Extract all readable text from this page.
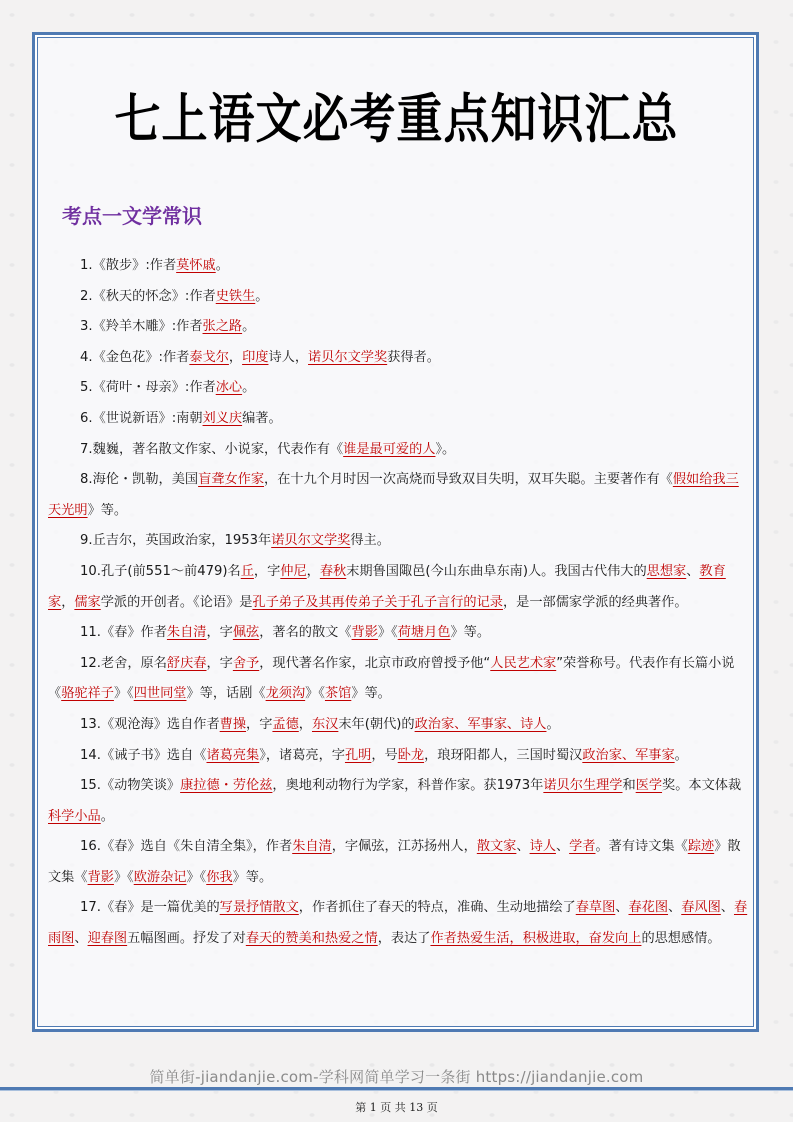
七上语文必考重点知识汇总
考点一文学常识

1.《散步》:作者莫怀戚。

2.《秋天的怀念》:作者史铁生。

3.《羚羊木雕》:作者张之路。

4.《金色花》:作者泰戈尔，印度诗人，诺贝尔文学奖获得者。

5.《荷叶・母亲》:作者冰心。

6.《世说新语》:南朝刘义庆编著。

7.魏巍，著名散文作家、小说家，代表作有《谁是最可爱的人》。

8.海伦・凯勒，美国盲聋女作家，在十九个月时因一次高烧而导致双目失明，双耳失聪。主要著作有《假如给我三天光明》等。

9.丘吉尔，英国政治家，1953年诺贝尔文学奖得主。

10.孔子(前551～前479)名丘，字仲尼，春秋末期鲁国陬邑(今山东曲阜东南)人。我国古代伟大的思想家、教育家，儒家学派的开创者。《论语》是孔子弟子及其再传弟子关于孔子言行的记录，是一部儒家学派的经典著作。

11.《春》作者朱自清，字佩弦，著名的散文《背影》《荷塘月色》等。

12.老舍，原名舒庆春，字舍予，现代著名作家，北京市政府曾授予他“人民艺术家”荣誉称号。代表作有长篇小说《骆驼祥子》《四世同堂》等，话剧《龙须沟》《茶馆》等。

13.《观沧海》选自作者曹操，字孟德，东汉末年(朝代)的政治家、军事家、诗人。

14.《诫子书》选自《诸葛亮集》，诸葛亮，字孔明，号卧龙，琅玡阳都人，三国时蜀汉政治家、军事家。

15.《动物笑谈》康拉德・劳伦兹，奥地利动物行为学家，科普作家。获1973年诺贝尔生理学和医学奖。本文体裁科学小品。

16.《春》选自《朱自清全集》，作者朱自清，字佩弦，江苏扬州人，散文家、诗人、学者。著有诗文集《踪迹》散文集《背影》《欧游杂记》《你我》等。

17.《春》是一篇优美的写景抒情散文，作者抓住了春天的特点，准确、生动地描绘了春草图、春花图、春风图、春雨图、迎春图五幅图画。抒发了对春天的赞美和热爱之情，表达了作者热爱生活，积极进取，奋发向上的思想感情。

简单街-jiandanjie.com-学科网简单学习一条街 https://jiandanjie.com
第 1 页 共 13 页
